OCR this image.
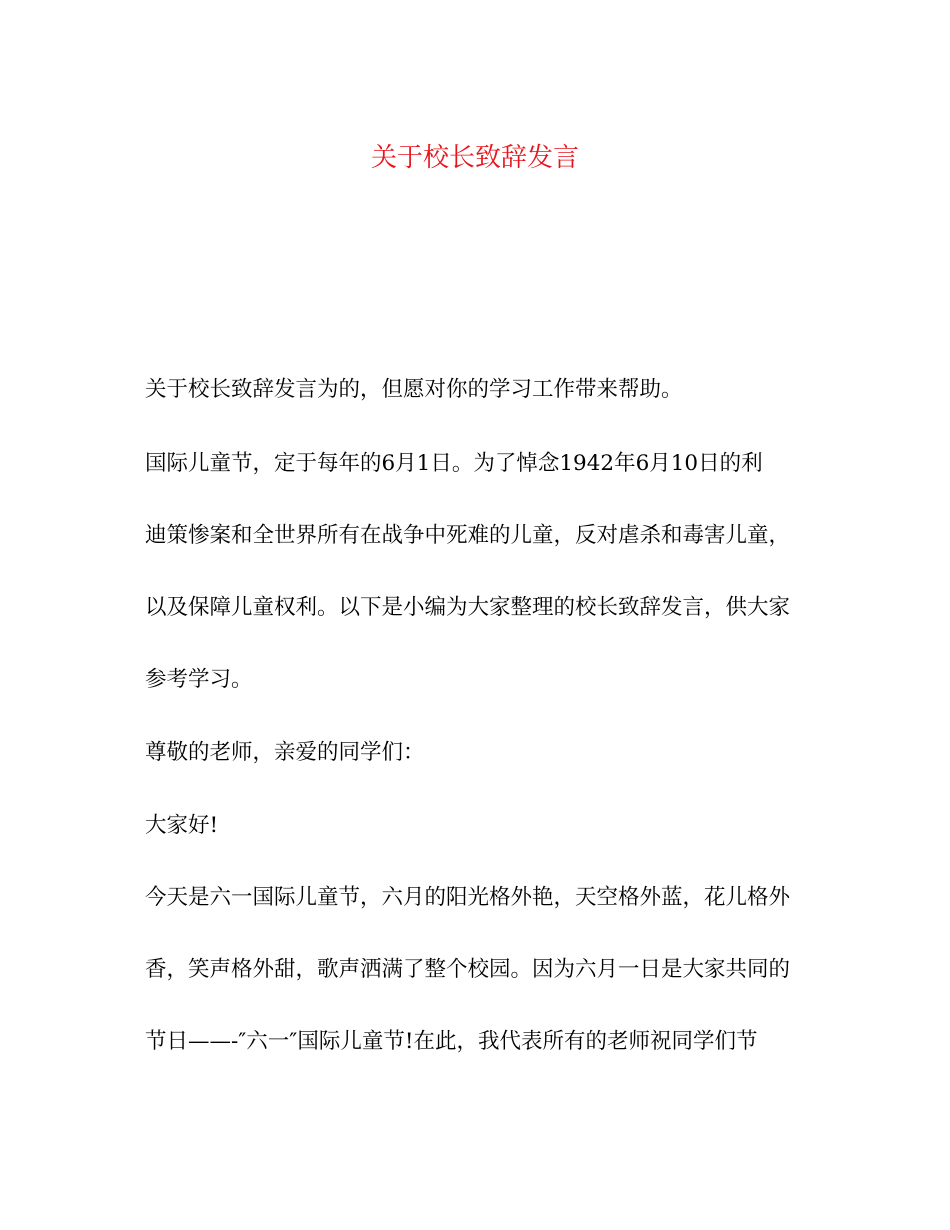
关于校长致辞发言
关于校长致辞发言为的，但愿对你的学习工作带来帮助。
国际儿童节，定于每年的6月1日。为了悼念1942年6月10日的利
迪策惨案和全世界所有在战争中死难的儿童，反对虐杀和毒害儿童，
以及保障儿童权利。以下是小编为大家整理的校长致辞发言，供大家
参考学习。
尊敬的老师，亲爱的同学们：
大家好!
今天是六一国际儿童节，六月的阳光格外艳，天空格外蓝，花儿格外
香，笑声格外甜，歌声洒满了整个校园。因为六月一日是大家共同的
节日——-″六一″国际儿童节!在此，我代表所有的老师祝同学们节
